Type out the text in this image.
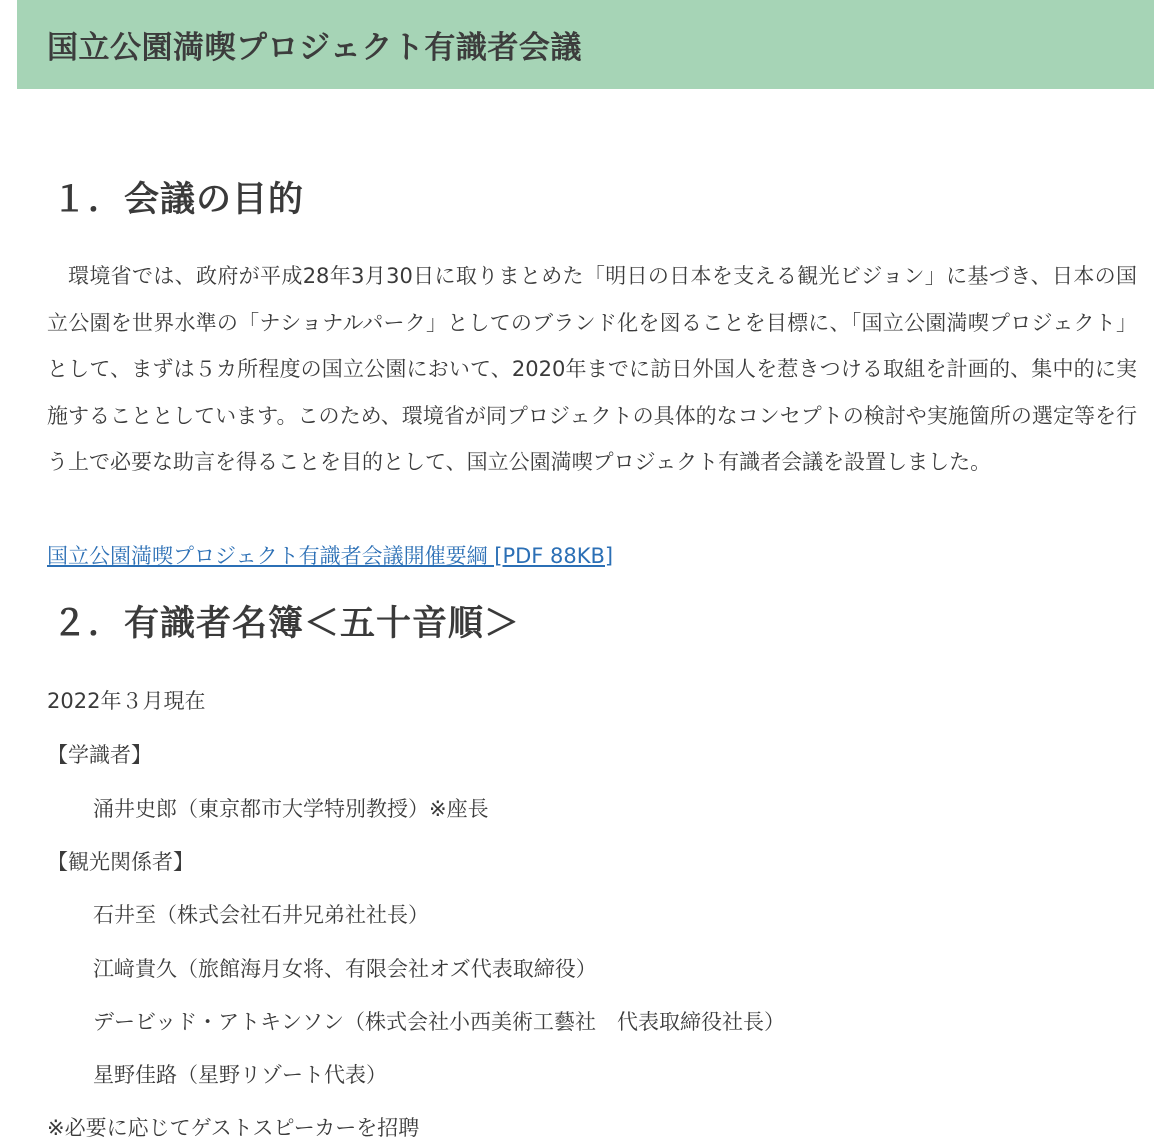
国立公園満喫プロジェクト有識者会議
１．会議の目的

環境省では、政府が平成28年3月30日に取りまとめた「明日の日本を支える観光ビジョン」に基づき、日本の国立公園を世界水準の「ナショナルパーク」としてのブランド化を図ることを目標に、「国立公園満喫プロジェクト」として、まずは５カ所程度の国立公園において、2020年までに訪日外国人を惹きつける取組を計画的、集中的に実施することとしています。このため、環境省が同プロジェクトの具体的なコンセプトの検討や実施箇所の選定等を行う上で必要な助言を得ることを目的として、国立公園満喫プロジェクト有識者会議を設置しました。

国立公園満喫プロジェクト有識者会議開催要綱 [PDF 88KB]
２．有識者名簿＜五十音順＞

2022年３月現在

【学識者】

涌井史郎（東京都市大学特別教授）※座長

【観光関係者】

石井至（株式会社石井兄弟社社長）

江﨑貴久（旅館海月女将、有限会社オズ代表取締役）

デービッド・アトキンソン（株式会社小西美術工藝社　代表取締役社長）

星野佳路（星野リゾート代表）

※必要に応じてゲストスピーカーを招聘
